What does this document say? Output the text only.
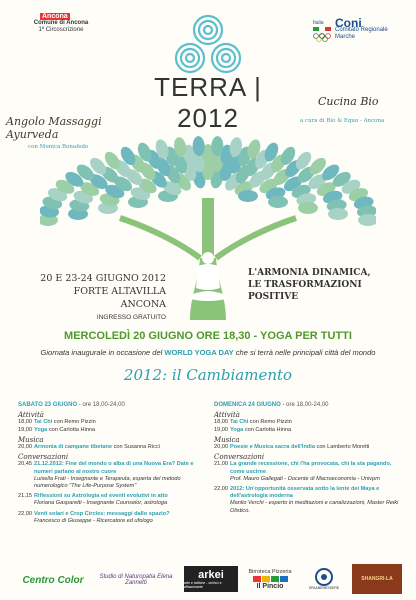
Ancona
Comune di Ancona
1ª Circoscrizione
Italia Coni
Comitato Regionale
Marche
TERRA | 2012
Angolo Massaggi Ayurveda
con Monica Bonafede
Cucina Bio
a cura di Bio & Equo - Ancona
20 E 23-24 GIUGNO 2012
FORTE ALTAVILLA ANCONA
INGRESSO GRATUITO
L'ARMONIA DINAMICA,
LE TRASFORMAZIONI POSITIVE
MERCOLEDÌ 20 GIUGNO ORE 18,30 - YOGA PER TUTTI
Giornata inaugurale in occasione del WORLD YOGA DAY che si terrà nelle principali città del mondo
2012: il Cambiamento
SABATO 23 GIUGNO - ore 18,00-24,00
Attività
18,00 Tai Chi con Remo Pizzin
19,00 Yoga con Carlotta Hinna
Musica
20,00 Armonia di campane tibetane con Susanna Ricci
Conversazioni
20,45 21.12.2012: Fine del mondo o alba di una Nuova Era? Date e numeri parlano al nostro cuore
Luisella Frati - Insegnante e Terapeuta, esperta del metodo numerologico "The Life-Purpose System"
21,15 Riflessioni su Astrologia ed eventi evolutivi in atto
Floriana Gasparetti - Insegnante Counselor, astrologa
22,00 Venti solari e Crop Circles: messaggi dallo spazio?
Francesco di Giuseppe - Ricercatore ed ufologo
DOMENICA 24 GIUGNO - ore 18,00-24,00
Attività
18,00 Tai Chi con Remo Pizzin
19,00 Yoga con Carlotta Hinna
Musica
20,00 Poesie e Musica sacra dell'India con Lamberto Moretti
Conversazioni
21,00 La grande recessione, chi l'ha provocata, chi la sta pagando, come uscirne
Prof. Mauro Gallegati - Docente di Macroeconomia - Univpm
22,00 2012: Un'opportunità osservata sotto la lente dei Maya e dell'astrologia moderna
Manlio Verchi - esperto in meditazioni e canalizzazioni, Master Reiki Olistico.
Centro Color	Studio di Naturopatia Elena Zannetti
arkei
arte e tattiche - onirico e affascinante
Birroteca Pizzeria
Il Pincio	SPA&BENESSERE
SHANGRI-LA
